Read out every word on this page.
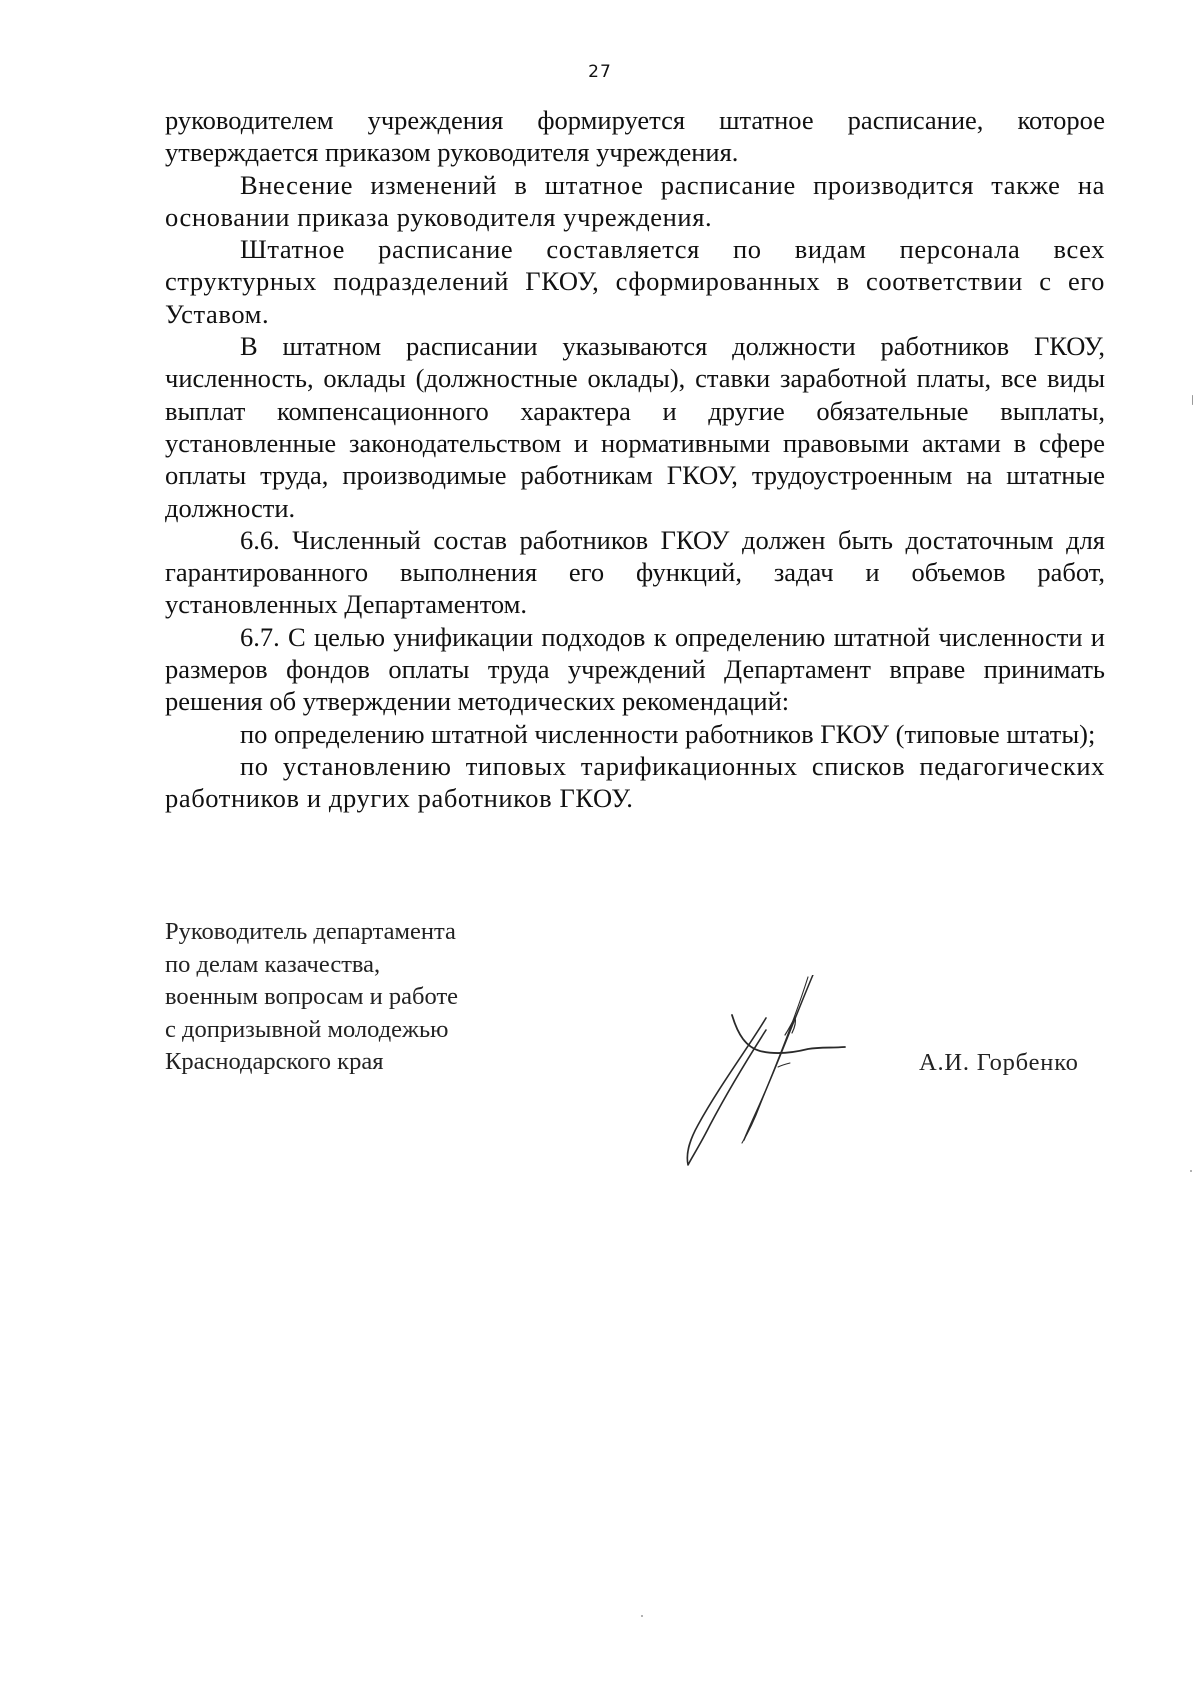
27

руководителем учреждения формируется штатное расписание, которое утверждается приказом руководителя учреждения.

Внесение изменений в штатное расписание производится также на основании приказа руководителя учреждения.

Штатное расписание составляется по видам персонала всех структурных подразделений ГКОУ, сформированных в соответствии с его Уставом.

В штатном расписании указываются должности работников ГКОУ, численность, оклады (должностные оклады), ставки заработной платы, все виды выплат компенсационного характера и другие обязательные выплаты, установленные законодательством и нормативными правовыми актами в сфере оплаты труда, производимые работникам ГКОУ, трудоустроенным на штатные должности.

6.6. Численный состав работников ГКОУ должен быть достаточным для гарантированного выполнения его функций, задач и объемов работ, установленных Департаментом.

6.7. С целью унификации подходов к определению штатной численности и размеров фондов оплаты труда учреждений Департамент вправе принимать решения об утверждении методических рекомендаций:

по определению штатной численности работников ГКОУ (типовые штаты);

по установлению типовых тарификационных списков педагогических работников и других работников ГКОУ.

Руководитель департамента
по делам казачества,
военным вопросам и работе
с допризывной молодежью
Краснодарского края	А.И. Горбенко
